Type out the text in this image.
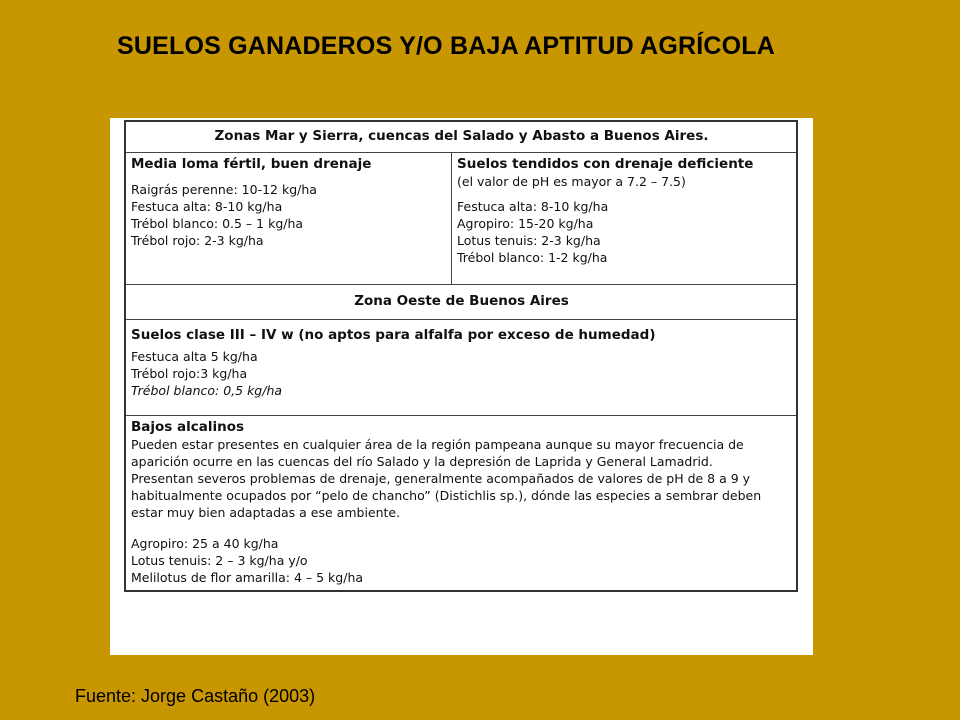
SUELOS GANADEROS Y/O BAJA APTITUD AGRÍCOLA
Zonas Mar y Sierra, cuencas del Salado y Abasto a Buenos Aires.

Media loma fértil, buen drenaje
Raigrás perenne: 10-12 kg/ha
Festuca alta: 8-10 kg/ha
Trébol blanco: 0.5 – 1 kg/ha
Trébol rojo: 2-3 kg/ha

Suelos tendidos con drenaje deficiente
(el valor de pH es mayor a 7.2 – 7.5)
Festuca alta: 8-10 kg/ha
Agropiro: 15-20 kg/ha
Lotus tenuis: 2-3 kg/ha
Trébol blanco: 1-2 kg/ha

Zona Oeste de Buenos Aires

Suelos clase III – IV w (no aptos para alfalfa por exceso de humedad)
Festuca alta 5 kg/ha
Trébol rojo:3 kg/ha
Trébol blanco: 0,5 kg/ha

Bajos alcalinos
Pueden estar presentes en cualquier área de la región pampeana aunque su mayor frecuencia de aparición ocurre en las cuencas del río Salado y la depresión de Laprida y General Lamadrid.
Presentan severos problemas de drenaje, generalmente acompañados de valores de pH de 8 a 9 y habitualmente ocupados por “pelo de chancho” (Distichlis sp.), dónde las especies a sembrar deben estar muy bien adaptadas a ese ambiente.
Agropiro: 25 a 40 kg/ha
Lotus tenuis: 2 – 3 kg/ha y/o
Melilotus de flor amarilla: 4 – 5 kg/ha
Fuente: Jorge Castaño (2003)
